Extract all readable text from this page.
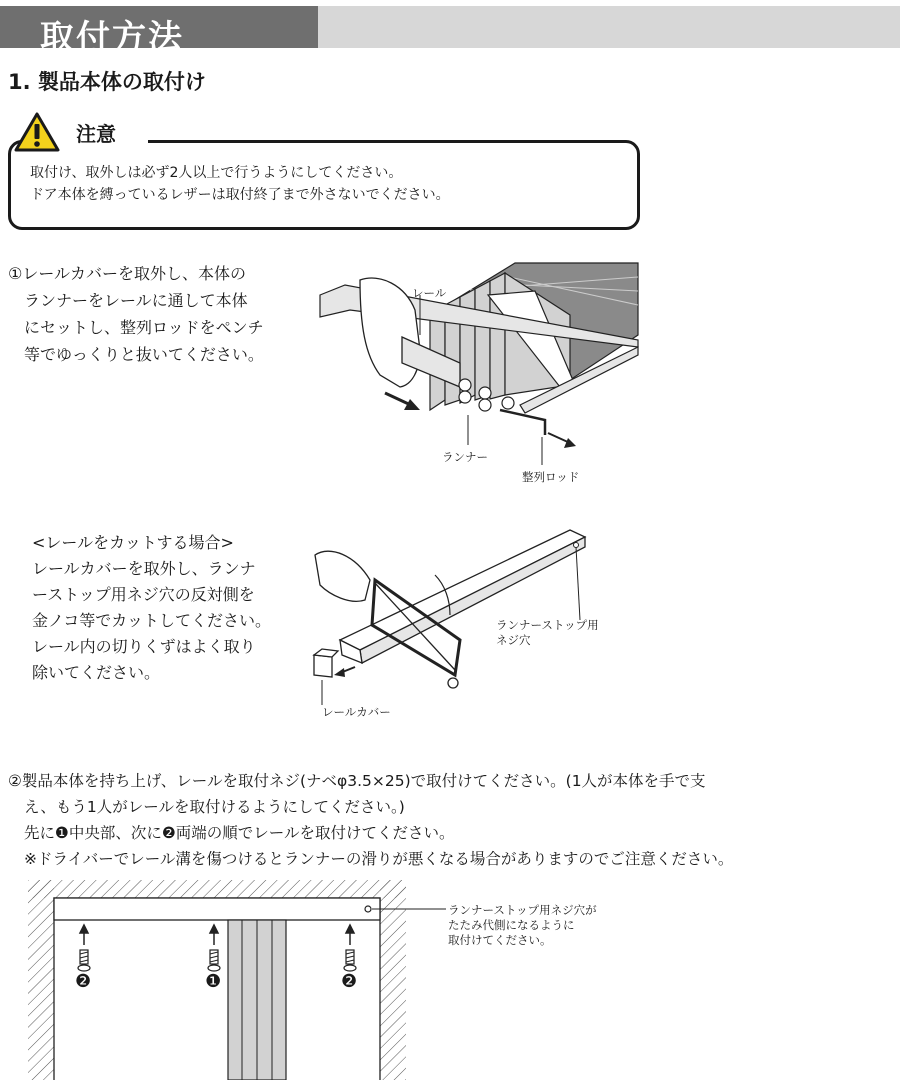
取付方法
1. 製品本体の取付け
注意
取付け、取外しは必ず2人以上で行うようにしてください。
ドア本体を縛っているレザーは取付終了まで外さないでください。
①レールカバーを取外し、本体の
ランナーをレールに通して本体
にセットし、整列ロッドをペンチ
等でゆっくりと抜いてください。
レール
ランナー
整列ロッド
<レールをカットする場合>
レールカバーを取外し、ランナ
ーストップ用ネジ穴の反対側を
金ノコ等でカットしてください。
レール内の切りくずはよく取り
除いてください。
ランナーストップ用
ネジ穴
レールカバー
②製品本体を持ち上げ、レールを取付ネジ(ナベφ3.5×25)で取付けてください。(1人が本体を手で支
え、もう1人がレールを取付けるようにしてください。)
先に❶中央部、次に❷両端の順でレールを取付けてください。
※ドライバーでレール溝を傷つけるとランナーの滑りが悪くなる場合がありますのでご注意ください。
❷	❶	❷
ランナーストップ用ネジ穴が
たたみ代側になるように
取付けてください。
